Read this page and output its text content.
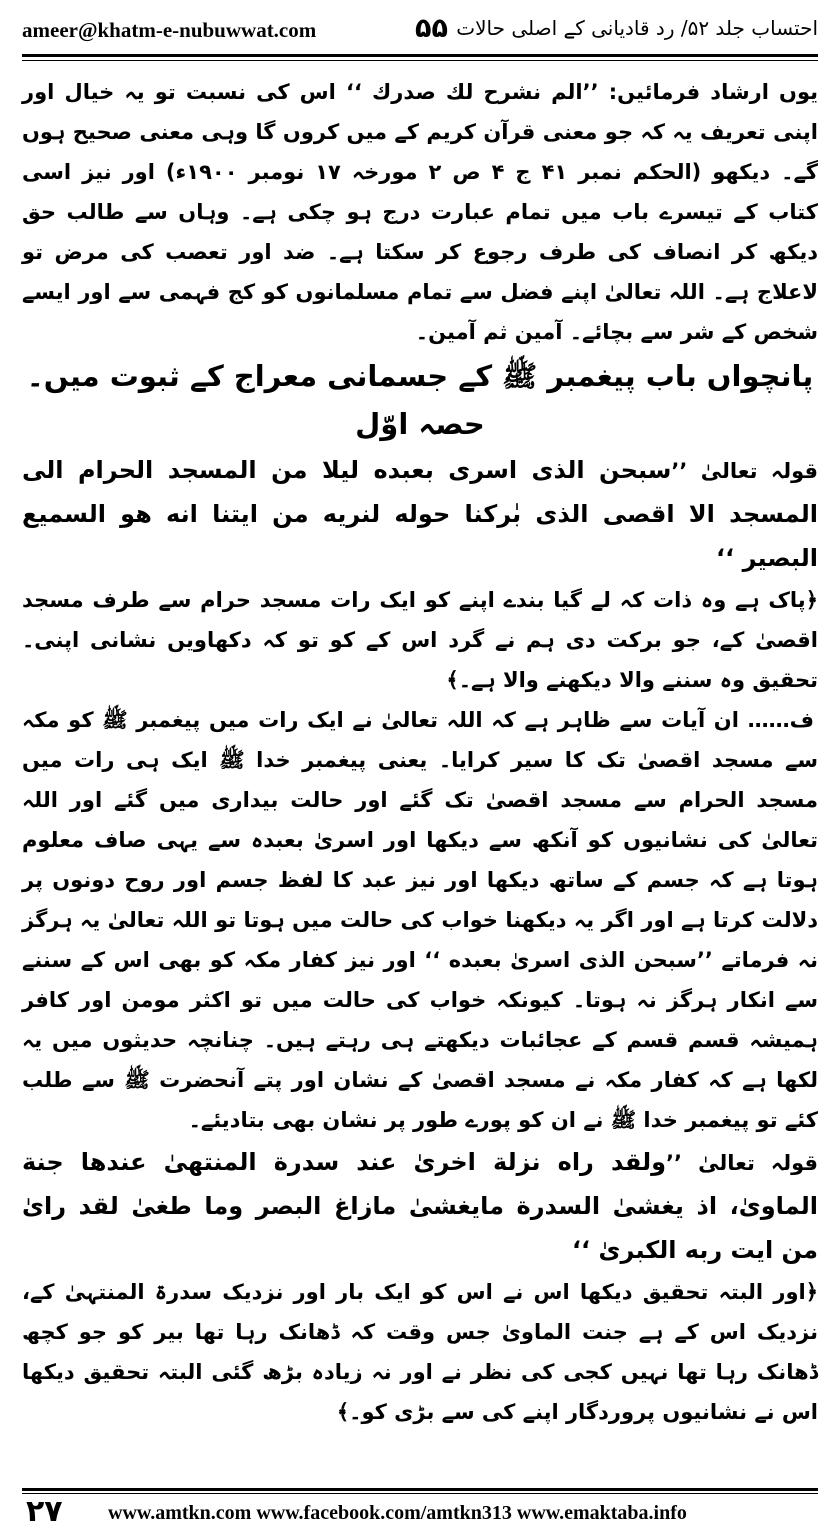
ameer@khatm-e-nubuwwat.com	۵۵ احتساب جلد ۵۲/ رد قادیانی کے اصلی حالات

یوں ارشاد فرمائیں: ’’الم نشرح لك صدرك ‘‘ اس کی نسبت تو یہ خیال اور اپنی تعریف یہ کہ جو معنی قرآن کریم کے میں کروں گا وہی معنی صحیح ہوں گے۔ دیکھو (الحکم نمبر ۴۱ ج ۴ ص ۲ مورخہ ۱۷ نومبر ۱۹۰۰ء) اور نیز اسی کتاب کے تیسرے باب میں تمام عبارت درج ہو چکی ہے۔ وہاں سے طالب حق دیکھ کر انصاف کی طرف رجوع کر سکتا ہے۔ ضد اور تعصب کی مرض تو لاعلاج ہے۔ اللہ تعالیٰ اپنے فضل سے تمام مسلمانوں کو کج فہمی سے اور ایسے شخص کے شر سے بچائے۔ آمین ثم آمین۔

پانچواں باب پیغمبر ﷺ کے جسمانی معراج کے ثبوت میں۔ حصہ اوّل

قولہ تعالیٰ ’’سبحن الذی اسری بعبده لیلا من المسجد الحرام الی المسجد الا اقصی الذی بٰرکنا حوله لنریه من ایتنا انه هو السمیع البصیر ‘‘

﴿پاک ہے وہ ذات کہ لے گیا بندے اپنے کو ایک رات مسجد حرام سے طرف مسجد اقصیٰ کے، جو برکت دی ہم نے گرد اس کے کو تو کہ دکھاویں نشانی اپنی۔ تحقیق وہ سننے والا دیکھنے والا ہے۔﴾

ف…… ان آیات سے ظاہر ہے کہ اللہ تعالیٰ نے ایک رات میں پیغمبر ﷺ کو مکہ سے مسجد اقصیٰ تک کا سیر کرایا۔ یعنی پیغمبر خدا ﷺ ایک ہی رات میں مسجد الحرام سے مسجد اقصیٰ تک گئے اور حالت بیداری میں گئے اور اللہ تعالیٰ کی نشانیوں کو آنکھ سے دیکھا اور اسریٰ بعبدہ سے یہی صاف معلوم ہوتا ہے کہ جسم کے ساتھ دیکھا اور نیز عبد کا لفظ جسم اور روح دونوں پر دلالت کرتا ہے اور اگر یہ دیکھنا خواب کی حالت میں ہوتا تو اللہ تعالیٰ یہ ہرگز نہ فرماتے ’’سبحن الذی اسریٰ بعبده ‘‘ اور نیز کفار مکہ کو بھی اس کے سننے سے انکار ہرگز نہ ہوتا۔ کیونکہ خواب کی حالت میں تو اکثر مومن اور کافر ہمیشہ قسم قسم کے عجائبات دیکھتے ہی رہتے ہیں۔ چنانچہ حدیثوں میں یہ لکھا ہے کہ کفار مکہ نے مسجد اقصیٰ کے نشان اور پتے آنحضرت ﷺ سے طلب کئے تو پیغمبر خدا ﷺ نے ان کو پورے طور پر نشان بھی بتادیئے۔

قولہ تعالیٰ ’’ولقد راه نزلة اخریٰ عند سدرة المنتهیٰ عندها جنة الماویٰ، اذ یغشیٰ السدرة مایغشیٰ مازاغ البصر وما طغیٰ لقد رایٰ من ایت ربه الکبریٰ ‘‘

﴿اور البتہ تحقیق دیکھا اس نے اس کو ایک بار اور نزدیک سدرۃ المنتہیٰ کے، نزدیک اس کے ہے جنت الماویٰ جس وقت کہ ڈھانک رہا تھا بیر کو جو کچھ ڈھانک رہا تھا نہیں کجی کی نظر نے اور نہ زیادہ بڑھ گئی البتہ تحقیق دیکھا اس نے نشانیوں پروردگار اپنے کی سے بڑی کو۔﴾

۲۷	www.amtkn.com www.facebook.com/amtkn313 www.emaktaba.info
